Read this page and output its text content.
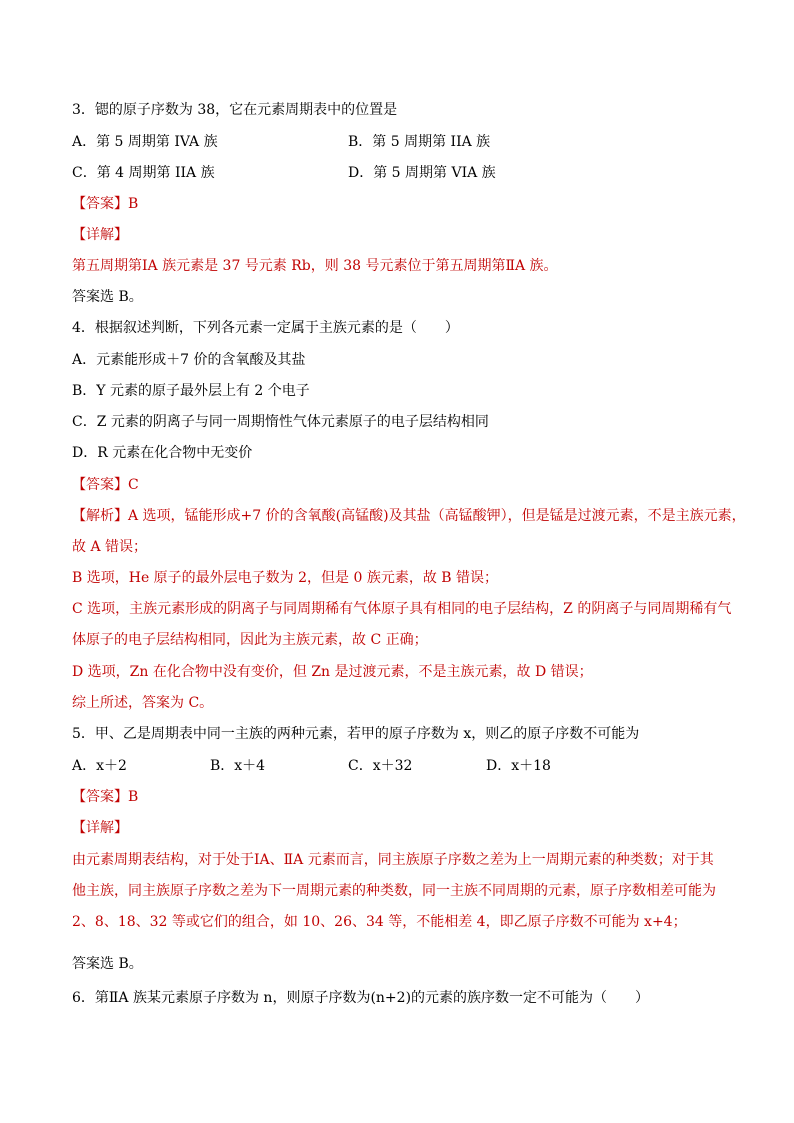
3．锶的原子序数为 38，它在元素周期表中的位置是
A．第 5 周期第 IVA 族	B．第 5 周期第 IIA 族
C．第 4 周期第 IIA 族	D．第 5 周期第 VIA 族
【答案】B
【详解】
第五周期第ⅠA 族元素是 37 号元素 Rb，则 38 号元素位于第五周期第ⅡA 族。
答案选 B。
4．根据叙述判断，下列各元素一定属于主族元素的是（　　）
A．元素能形成＋7 价的含氧酸及其盐
B．Y 元素的原子最外层上有 2 个电子
C．Z 元素的阴离子与同一周期惰性气体元素原子的电子层结构相同
D．R 元素在化合物中无变价
【答案】C
【解析】A 选项，锰能形成+7 价的含氧酸(高锰酸)及其盐（高锰酸钾），但是锰是过渡元素，不是主族元素，
故 A 错误；
B 选项，He 原子的最外层电子数为 2，但是 0 族元素，故 B 错误；
C 选项，主族元素形成的阴离子与同周期稀有气体原子具有相同的电子层结构，Z 的阴离子与同周期稀有气
体原子的电子层结构相同，因此为主族元素，故 C 正确；
D 选项，Zn 在化合物中没有变价，但 Zn 是过渡元素，不是主族元素，故 D 错误；
综上所述，答案为 C。
5．甲、乙是周期表中同一主族的两种元素，若甲的原子序数为 x，则乙的原子序数不可能为
A．x＋2	B．x＋4	C．x＋32	D．x＋18
【答案】B
【详解】
由元素周期表结构，对于处于ⅠA、ⅡA 元素而言，同主族原子序数之差为上一周期元素的种类数；对于其
他主族，同主族原子序数之差为下一周期元素的种类数，同一主族不同周期的元素，原子序数相差可能为
2、8、18、32 等或它们的组合，如 10、26、34 等，不能相差 4，即乙原子序数不可能为 x+4；
答案选 B。
6．第ⅡA 族某元素原子序数为 n，则原子序数为(n+2)的元素的族序数一定不可能为（　　）
